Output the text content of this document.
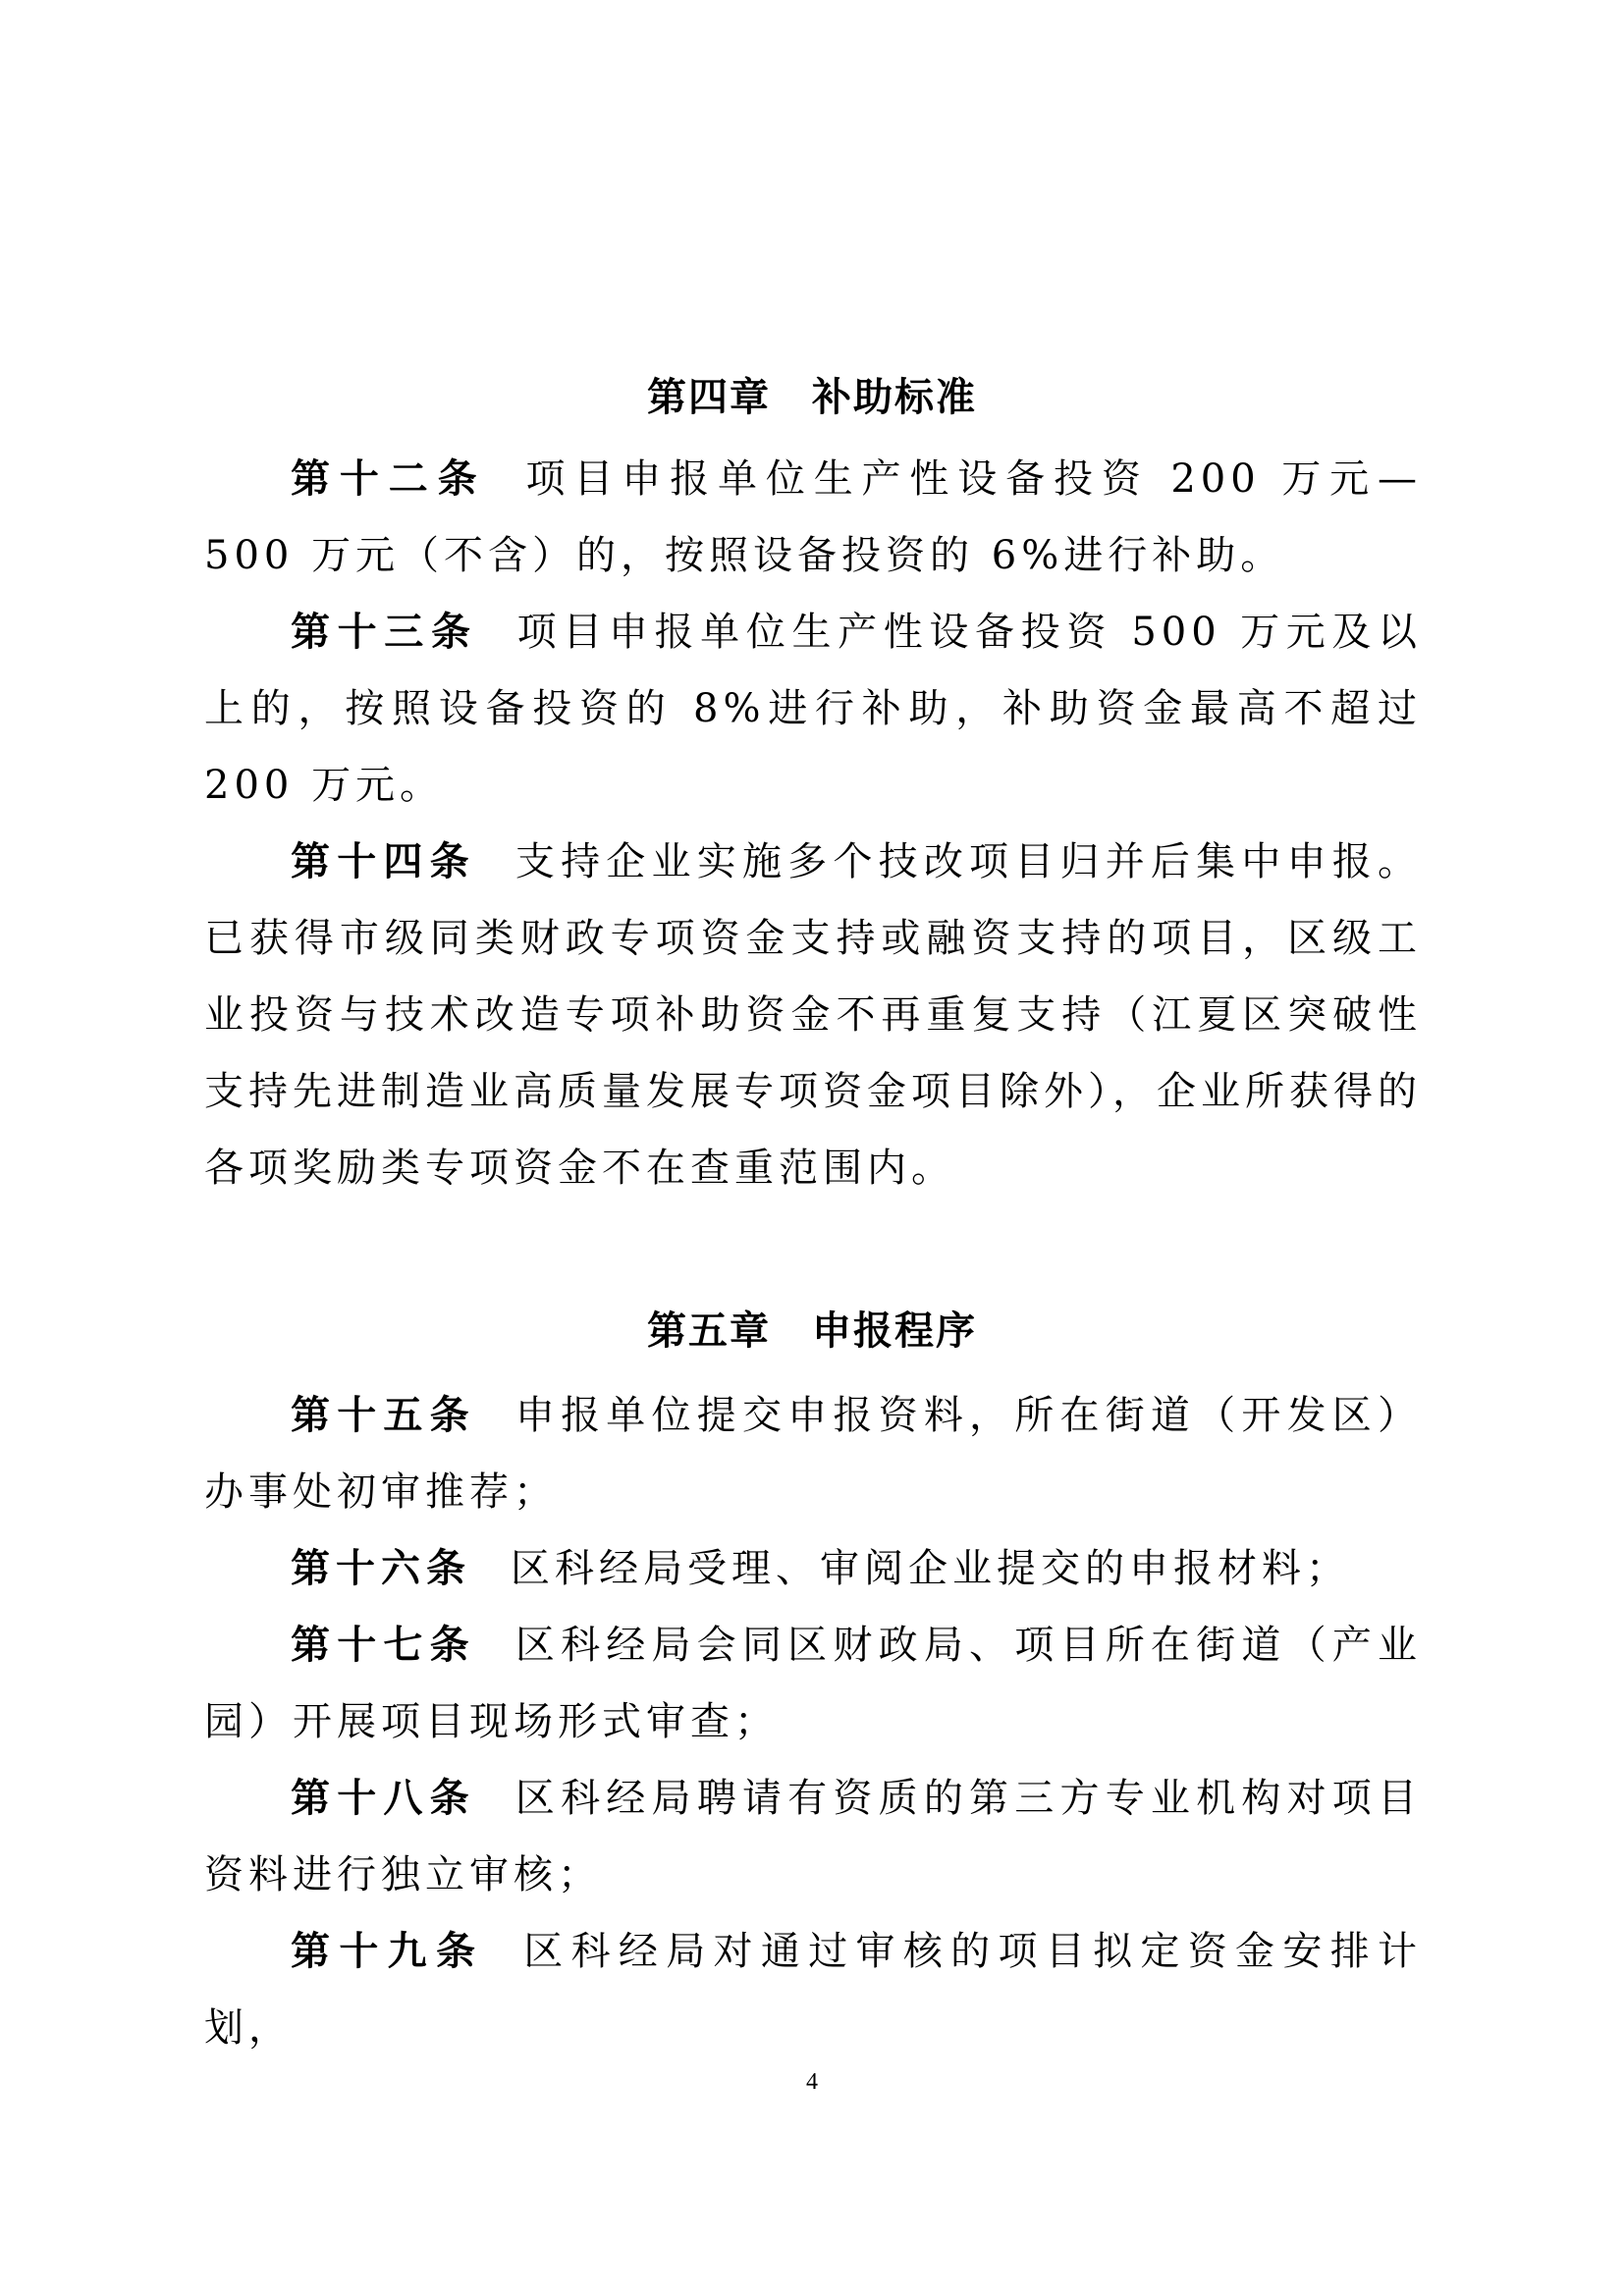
第四章　补助标准

第十二条 项目申报单位生产性设备投资 200 万元—500 万元（不含）的，按照设备投资的 6%进行补助。

第十三条 项目申报单位生产性设备投资 500 万元及以上的，按照设备投资的 8%进行补助，补助资金最高不超过 200 万元。

第十四条 支持企业实施多个技改项目归并后集中申报。已获得市级同类财政专项资金支持或融资支持的项目，区级工业投资与技术改造专项补助资金不再重复支持（江夏区突破性支持先进制造业高质量发展专项资金项目除外），企业所获得的各项奖励类专项资金不在查重范围内。

第五章　申报程序

第十五条 申报单位提交申报资料，所在街道（开发区）办事处初审推荐；

第十六条 区科经局受理、审阅企业提交的申报材料；

第十七条 区科经局会同区财政局、项目所在街道（产业园）开展项目现场形式审查；

第十八条 区科经局聘请有资质的第三方专业机构对项目资料进行独立审核；

第十九条 区科经局对通过审核的项目拟定资金安排计划，

4
